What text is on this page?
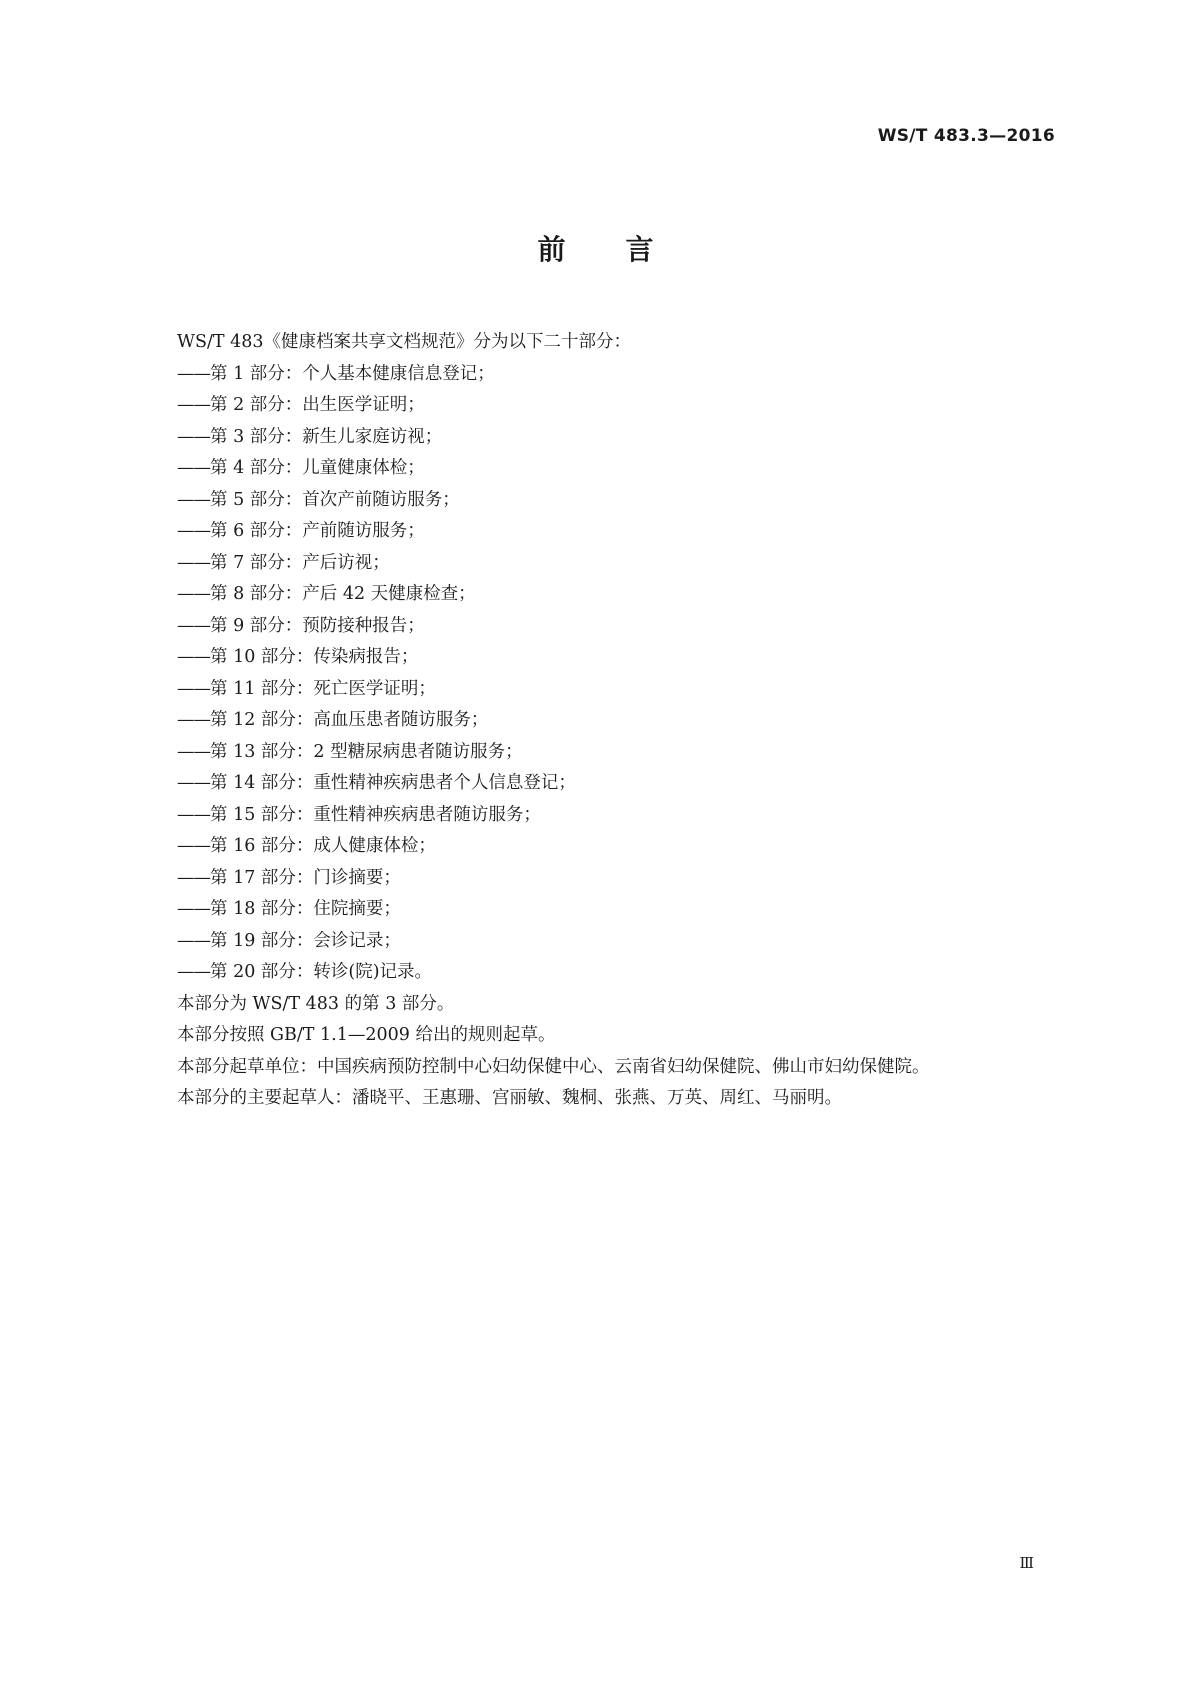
WS/T 483.3—2016
前言
WS/T 483《健康档案共享文档规范》分为以下二十部分：
——第 1 部分：个人基本健康信息登记；
——第 2 部分：出生医学证明；
——第 3 部分：新生儿家庭访视；
——第 4 部分：儿童健康体检；
——第 5 部分：首次产前随访服务；
——第 6 部分：产前随访服务；
——第 7 部分：产后访视；
——第 8 部分：产后 42 天健康检查；
——第 9 部分：预防接种报告；
——第 10 部分：传染病报告；
——第 11 部分：死亡医学证明；
——第 12 部分：高血压患者随访服务；
——第 13 部分：2 型糖尿病患者随访服务；
——第 14 部分：重性精神疾病患者个人信息登记；
——第 15 部分：重性精神疾病患者随访服务；
——第 16 部分：成人健康体检；
——第 17 部分：门诊摘要；
——第 18 部分：住院摘要；
——第 19 部分：会诊记录；
——第 20 部分：转诊(院)记录。
本部分为 WS/T 483 的第 3 部分。
本部分按照 GB/T 1.1—2009 给出的规则起草。
本部分起草单位：中国疾病预防控制中心妇幼保健中心、云南省妇幼保健院、佛山市妇幼保健院。
本部分的主要起草人：潘晓平、王惠珊、宫丽敏、魏桐、张燕、万英、周红、马丽明。
Ⅲ
